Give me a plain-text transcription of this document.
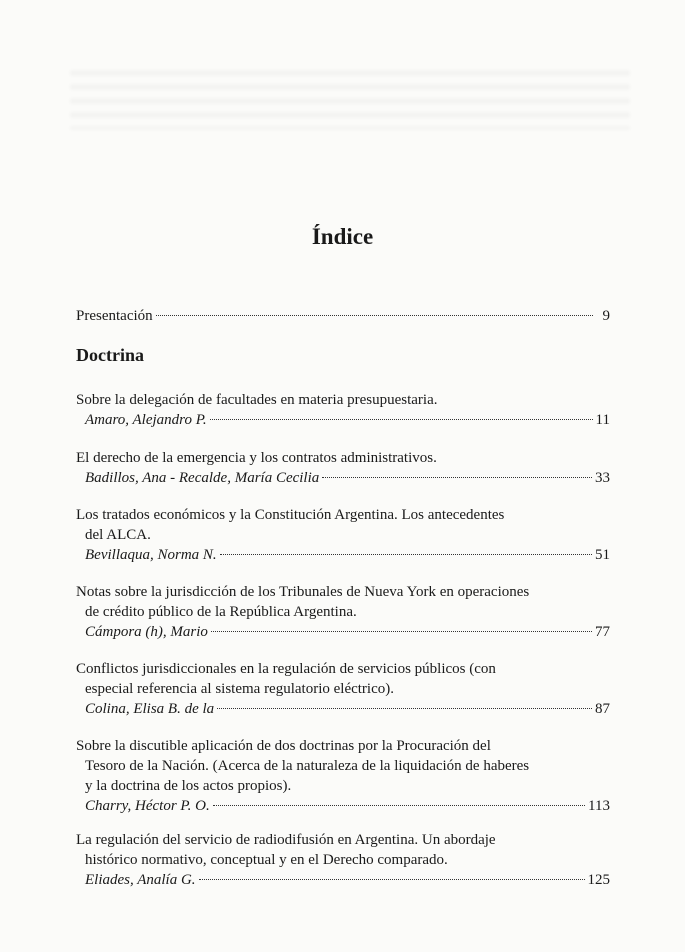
Índice
Presentación	9
Doctrina
Sobre la delegación de facultades en materia presupuestaria.
Amaro, Alejandro P.	11
El derecho de la emergencia y los contratos administrativos.
Badillos, Ana - Recalde, María Cecilia	33
Los tratados económicos y la Constitución Argentina. Los antecedentes
del ALCA.
Bevillaqua, Norma N.	51
Notas sobre la jurisdicción de los Tribunales de Nueva York en operaciones
de crédito público de la República Argentina.
Cámpora (h), Mario	77
Conflictos jurisdiccionales en la regulación de servicios públicos (con
especial referencia al sistema regulatorio eléctrico).
Colina, Elisa B. de la	87
Sobre la discutible aplicación de dos doctrinas por la Procuración del
Tesoro de la Nación. (Acerca de la naturaleza de la liquidación de haberes
y la doctrina de los actos propios).
Charry, Héctor P. O.	113
La regulación del servicio de radiodifusión en Argentina. Un abordaje
histórico normativo, conceptual y en el Derecho comparado.
Eliades, Analía G.	125
